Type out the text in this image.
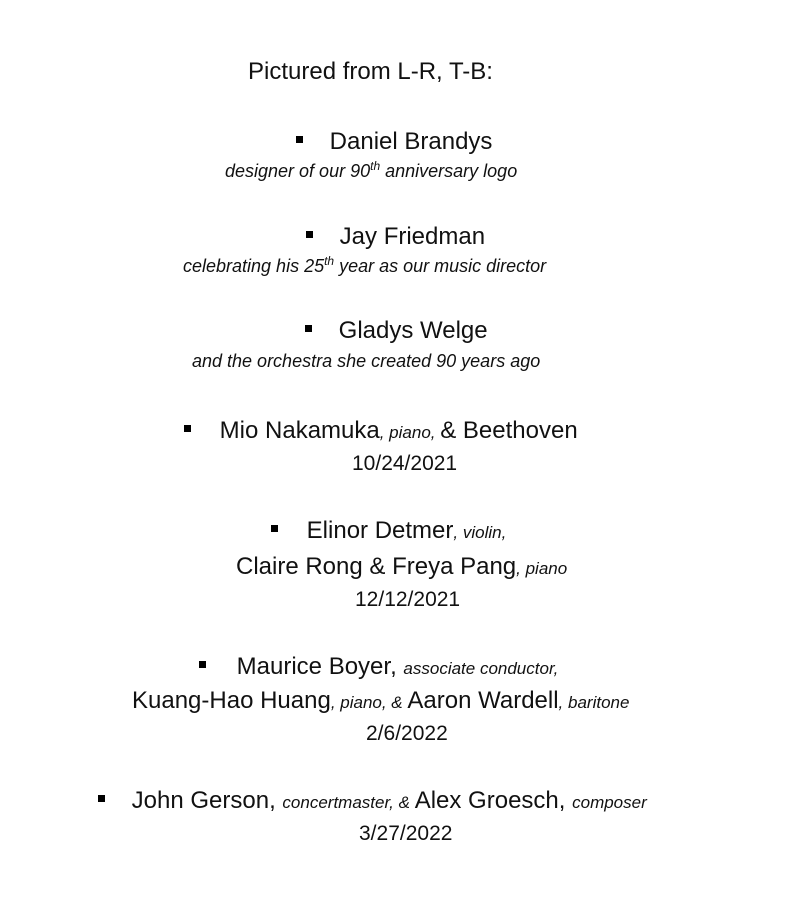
Pictured from L-R, T-B:
Daniel Brandys
designer of our 90th anniversary logo
Jay Friedman
celebrating his 25th year as our music director
Gladys Welge
and the orchestra she created 90 years ago
Mio Nakamuka, piano, & Beethoven
10/24/2021
Elinor Detmer, violin,
Claire Rong & Freya Pang, piano
12/12/2021
Maurice Boyer, associate conductor,
Kuang-Hao Huang, piano, & Aaron Wardell, baritone
2/6/2022
John Gerson, concertmaster, & Alex Groesch, composer
3/27/2022
